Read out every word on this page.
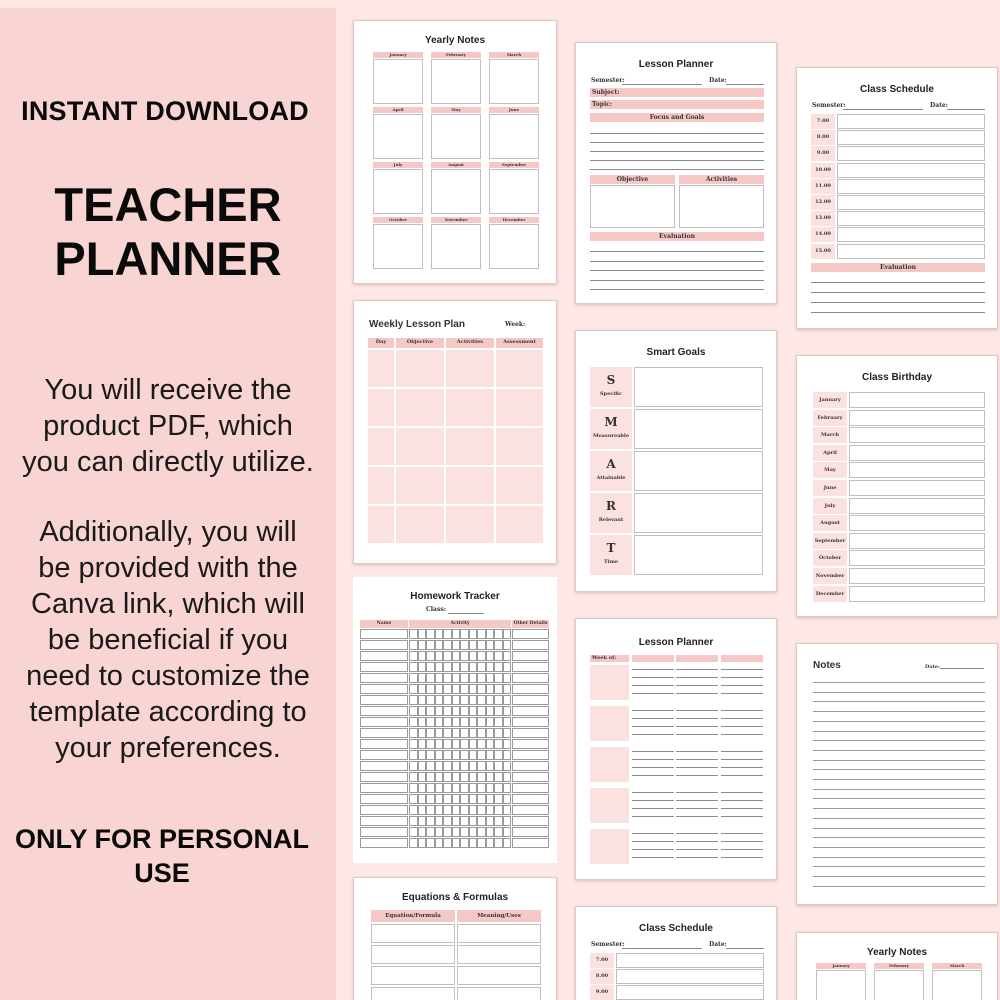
INSTANT DOWNLOAD
TEACHER
PLANNER
You will receive the
product PDF, which
you can directly utilize.
Additionally, you will
be provided with the
Canva link, which will
be beneficial if you
need to customize the
template according to
your preferences.
ONLY FOR PERSONAL
USE
Yearly Notes
January	February	March
April	May	June
July	August	September
October	November	December
Weekly Lesson Plan	Week:
Day	Objective	Activities	Assessment
Homework Tracker
Class:
Name	Activity	Other Details
Equations & Formulas
Equation/Formula	Meaning/Uses
Lesson Planner
Semester:	Date:
Subject:
Topic:
Focus and Goals
Objective	Activities
Evaluation
Smart Goals
S
Specific
M
Measureable
A
Attainable
R
Relevant
T
Time
Lesson Planner
Week of:
Class Schedule
Semester:	Date:
7.00
8.00
9.00
Class Schedule
Semester:	Date:
7.00
8.00
9.00
10.00
11.00
12.00
13.00
14.00
15.00
Evaluation
Class Birthday
January
February
March
April
May
June
July
August
September
October
November
December
Notes	Date:
Yearly Notes
January	February	March
